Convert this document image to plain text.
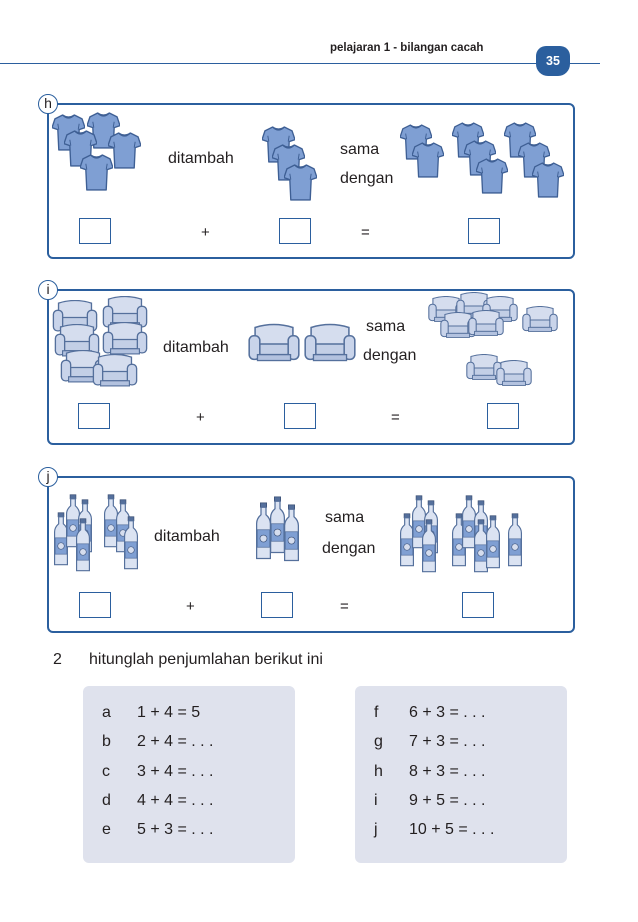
pelajaran 1 - bilangan cacah
35
h
ditambah
sama
dengan
+	=
i
ditambah
sama
dengan
+	=
j
ditambah
sama
dengan
+	=
2 hitunglah penjumlahan berikut ini
a 1 + 4 = 5
b 2 + 4 = . . .
c 3 + 4 = . . .
d 4 + 4 = . . .
e 5 + 3 = . . .
f 6 + 3 = . . .
g 7 + 3 = . . .
h 8 + 3 = . . .
i 9 + 5 = . . .
j 10 + 5 = . . .
